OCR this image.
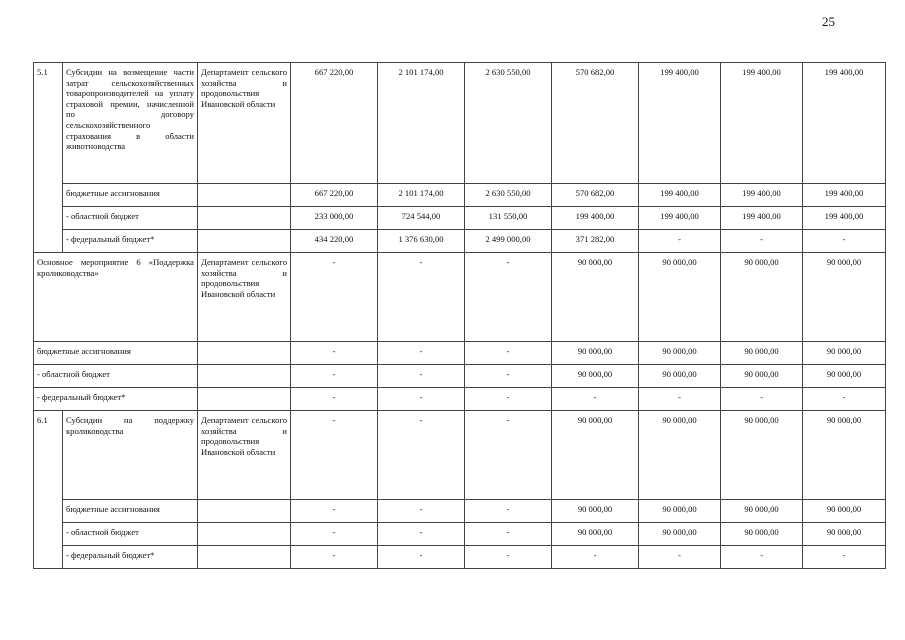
25
5.1	Субсидии на возмещение части затрат сельскохозяйственных товаропроизводителей на уплату страховой премии, начисленной по договору сельскохозяйственного страхования в области животноводства	Департамент сельского хозяйства и продовольствия Ивановской области	667 220,00	2 101 174,00	2 630 550,00	570 682,00	199 400,00	199 400,00	199 400,00
	бюджетные ассигнования		667 220,00	2 101 174,00	2 630 550,00	570 682,00	199 400,00	199 400,00	199 400,00
	- областной бюджет		233 000,00	724 544,00	131 550,00	199 400,00	199 400,00	199 400,00	199 400,00
	- федеральный бюджет*		434 220,00	1 376 630,00	2 499 000,00	371 282,00	-	-	-
Основное мероприятие 6 «Поддержка кролиководства»		Департамент сельского хозяйства и продовольствия Ивановской области	-	-	-	90 000,00	90 000,00	90 000,00	90 000,00
бюджетные ассигнования			-	-	-	90 000,00	90 000,00	90 000,00	90 000,00
- областной бюджет			-	-	-	90 000,00	90 000,00	90 000,00	90 000,00
- федеральный бюджет*			-	-	-	-	-	-	-
6.1	Субсидии на поддержку кролиководства	Департамент сельского хозяйства и продовольствия Ивановской области	-	-	-	90 000,00	90 000,00	90 000,00	90 000,00
	бюджетные ассигнования		-	-	-	90 000,00	90 000,00	90 000,00	90 000,00
	- областной бюджет		-	-	-	90 000,00	90 000,00	90 000,00	90 000,00
	- федеральный бюджет*		-	-	-	-	-	-	-
